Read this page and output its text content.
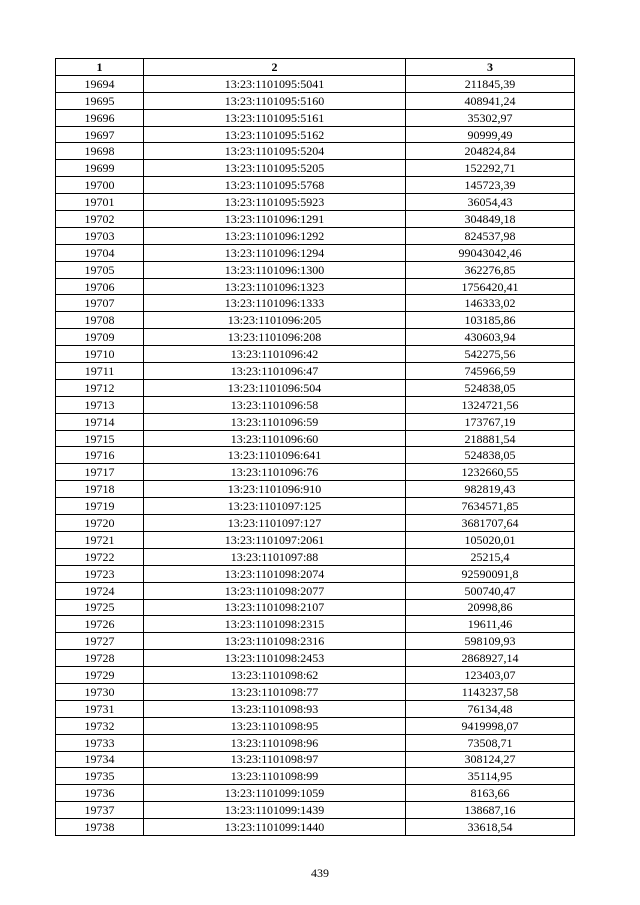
1	2	3
19694	13:23:1101095:5041	211845,39
19695	13:23:1101095:5160	408941,24
19696	13:23:1101095:5161	35302,97
19697	13:23:1101095:5162	90999,49
19698	13:23:1101095:5204	204824,84
19699	13:23:1101095:5205	152292,71
19700	13:23:1101095:5768	145723,39
19701	13:23:1101095:5923	36054,43
19702	13:23:1101096:1291	304849,18
19703	13:23:1101096:1292	824537,98
19704	13:23:1101096:1294	99043042,46
19705	13:23:1101096:1300	362276,85
19706	13:23:1101096:1323	1756420,41
19707	13:23:1101096:1333	146333,02
19708	13:23:1101096:205	103185,86
19709	13:23:1101096:208	430603,94
19710	13:23:1101096:42	542275,56
19711	13:23:1101096:47	745966,59
19712	13:23:1101096:504	524838,05
19713	13:23:1101096:58	1324721,56
19714	13:23:1101096:59	173767,19
19715	13:23:1101096:60	218881,54
19716	13:23:1101096:641	524838,05
19717	13:23:1101096:76	1232660,55
19718	13:23:1101096:910	982819,43
19719	13:23:1101097:125	7634571,85
19720	13:23:1101097:127	3681707,64
19721	13:23:1101097:2061	105020,01
19722	13:23:1101097:88	25215,4
19723	13:23:1101098:2074	92590091,8
19724	13:23:1101098:2077	500740,47
19725	13:23:1101098:2107	20998,86
19726	13:23:1101098:2315	19611,46
19727	13:23:1101098:2316	598109,93
19728	13:23:1101098:2453	2868927,14
19729	13:23:1101098:62	123403,07
19730	13:23:1101098:77	1143237,58
19731	13:23:1101098:93	76134,48
19732	13:23:1101098:95	9419998,07
19733	13:23:1101098:96	73508,71
19734	13:23:1101098:97	308124,27
19735	13:23:1101098:99	35114,95
19736	13:23:1101099:1059	8163,66
19737	13:23:1101099:1439	138687,16
19738	13:23:1101099:1440	33618,54
439
